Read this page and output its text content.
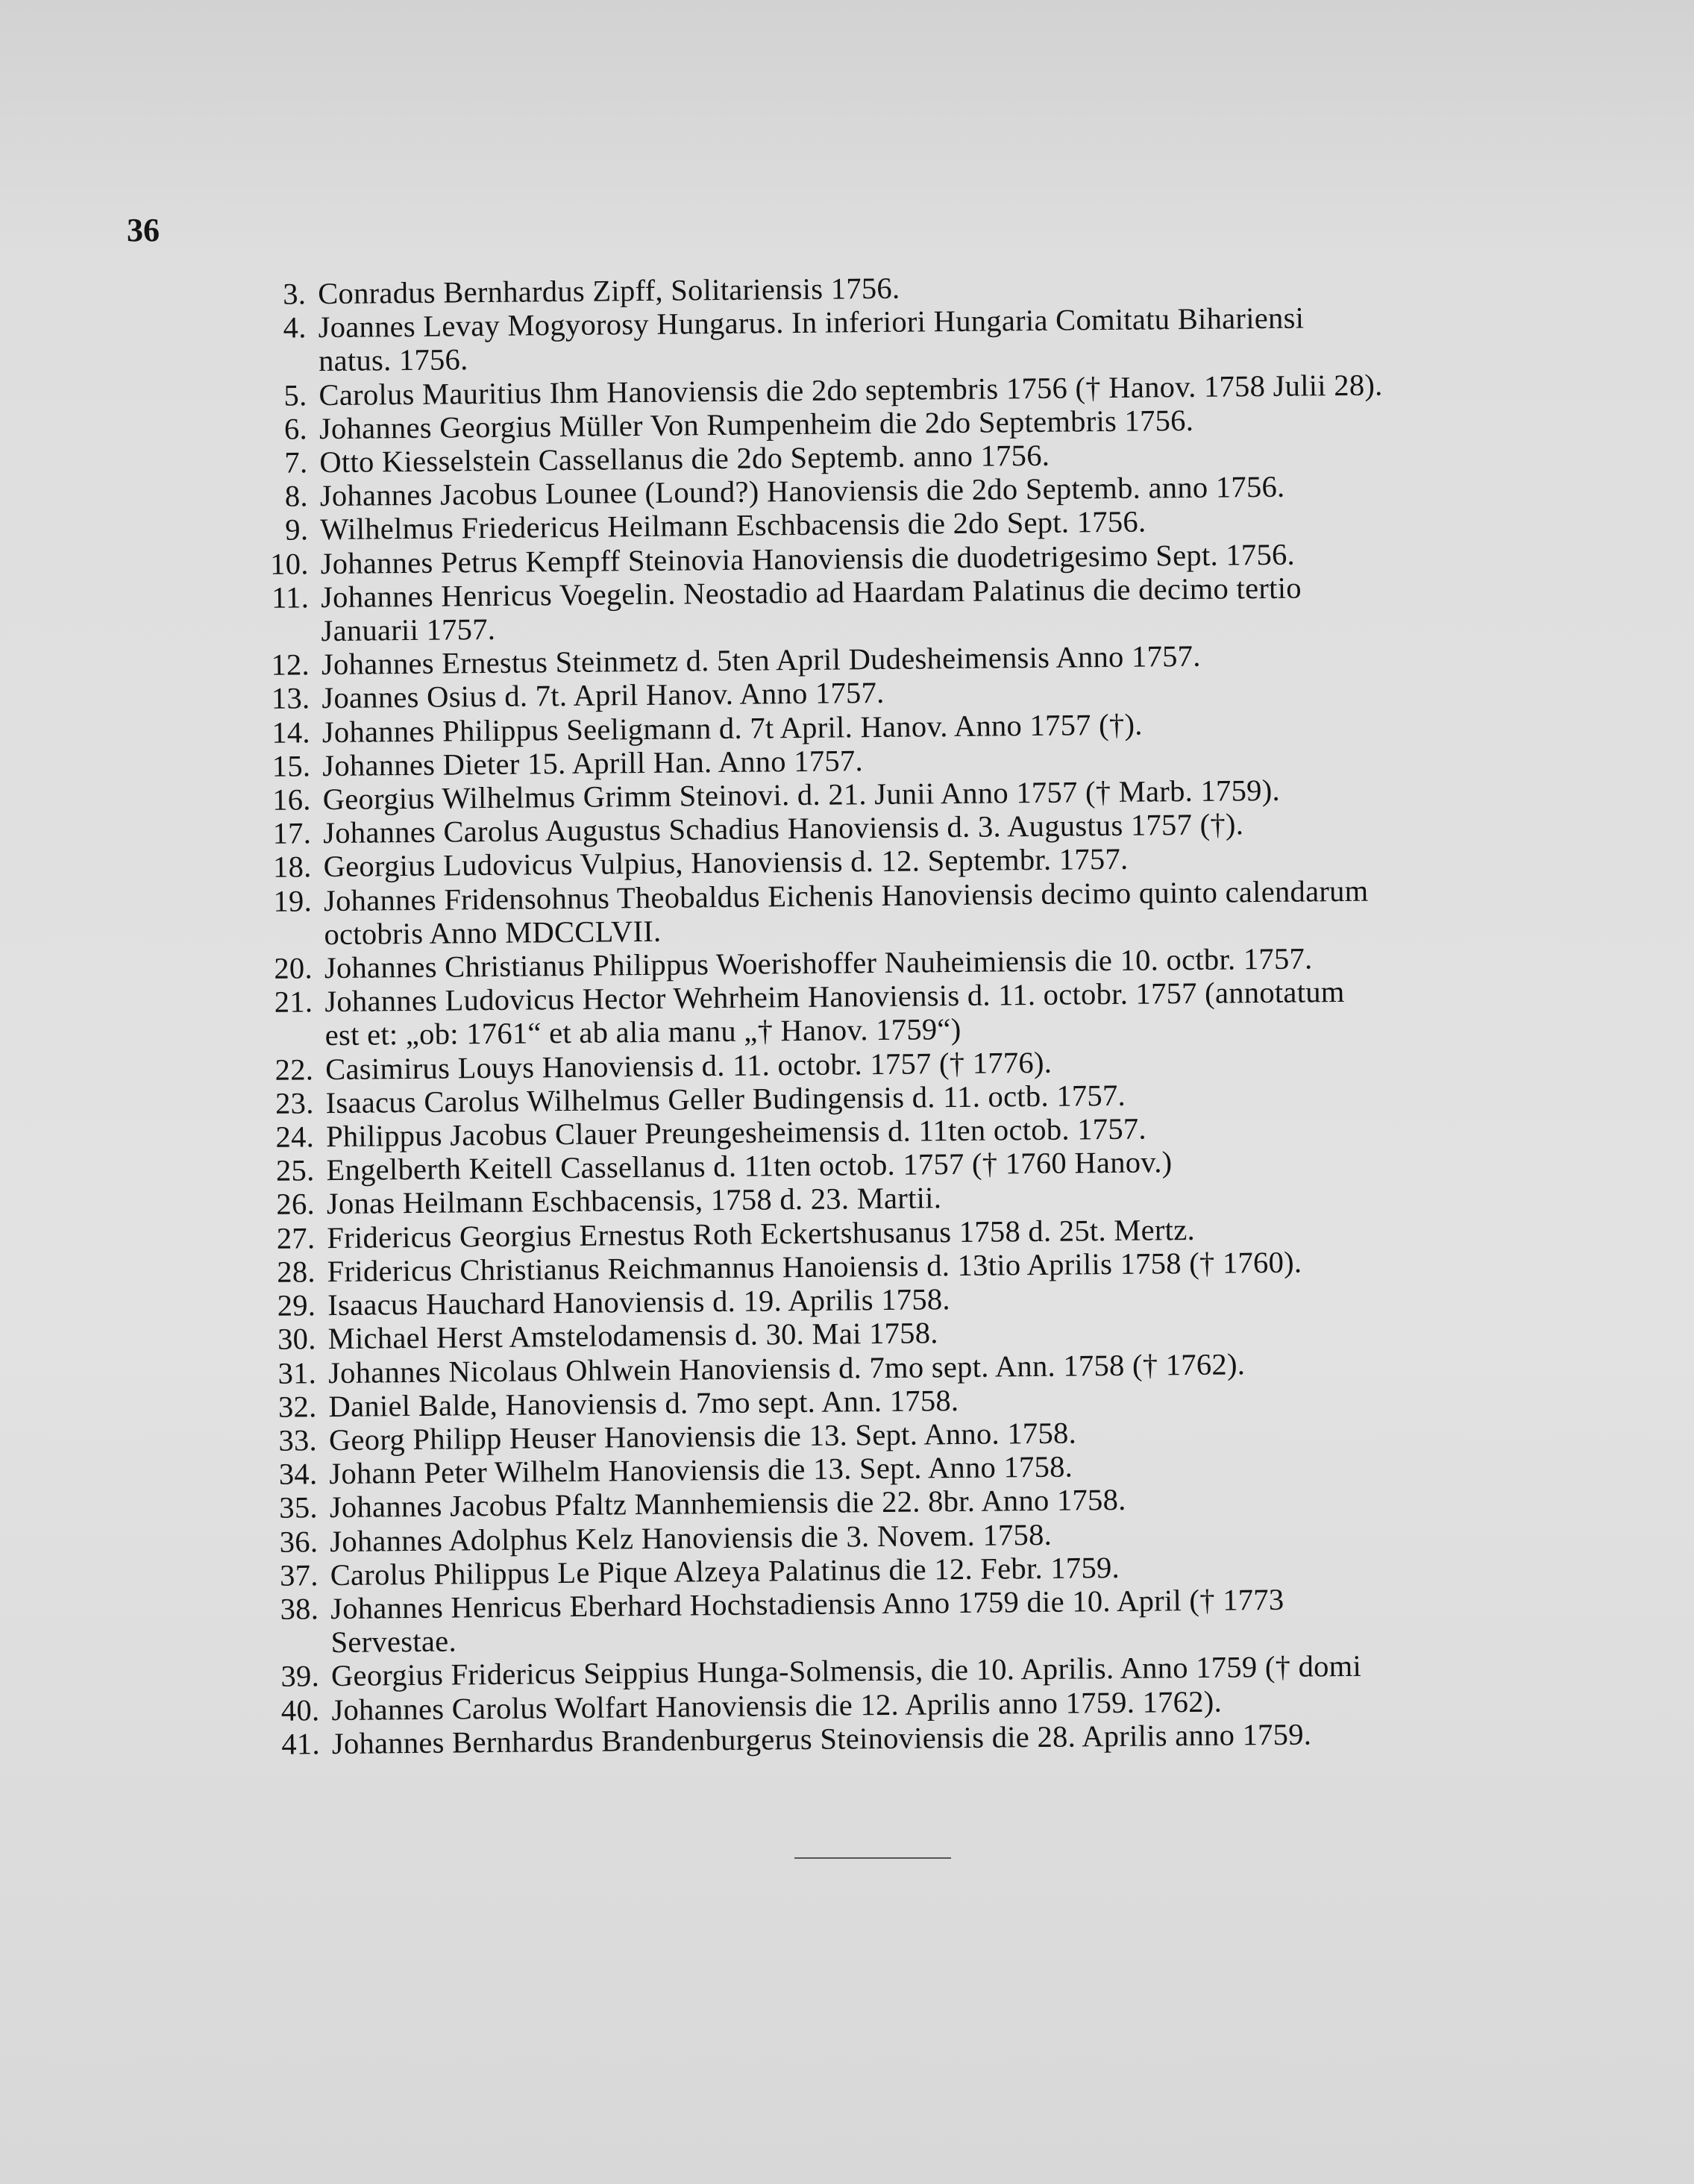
36
3. Conradus Bernhardus Zipff, Solitariensis 1756.
4. Joannes Levay Mogyorosy Hungarus. In inferiori Hungaria Comitatu Bihariensi
natus. 1756.
5. Carolus Mauritius Ihm Hanoviensis die 2do septembris 1756 († Hanov. 1758 Julii 28).
6. Johannes Georgius Müller Von Rumpenheim die 2do Septembris 1756.
7. Otto Kiesselstein Cassellanus die 2do Septemb. anno 1756.
8. Johannes Jacobus Lounee (Lound?) Hanoviensis die 2do Septemb. anno 1756.
9. Wilhelmus Friedericus Heilmann Eschbacensis die 2do Sept. 1756.
10. Johannes Petrus Kempff Steinovia Hanoviensis die duodetrigesimo Sept. 1756.
11. Johannes Henricus Voegelin. Neostadio ad Haardam Palatinus die decimo tertio
Januarii 1757.
12. Johannes Ernestus Steinmetz d. 5ten April Dudesheimensis Anno 1757.
13. Joannes Osius d. 7t. April Hanov. Anno 1757.
14. Johannes Philippus Seeligmann d. 7t April. Hanov. Anno 1757 (†).
15. Johannes Dieter 15. Aprill Han. Anno 1757.
16. Georgius Wilhelmus Grimm Steinovi. d. 21. Junii Anno 1757 († Marb. 1759).
17. Johannes Carolus Augustus Schadius Hanoviensis d. 3. Augustus 1757 (†).
18. Georgius Ludovicus Vulpius, Hanoviensis d. 12. Septembr. 1757.
19. Johannes Fridensohnus Theobaldus Eichenis Hanoviensis decimo quinto calendarum
octobris Anno MDCCLVII.
20. Johannes Christianus Philippus Woerishoffer Nauheimiensis die 10. octbr. 1757.
21. Johannes Ludovicus Hector Wehrheim Hanoviensis d. 11. octobr. 1757 (annotatum
est et: „ob: 1761“ et ab alia manu „† Hanov. 1759“)
22. Casimirus Louys Hanoviensis d. 11. octobr. 1757 († 1776).
23. Isaacus Carolus Wilhelmus Geller Budingensis d. 11. octb. 1757.
24. Philippus Jacobus Clauer Preungesheimensis d. 11ten octob. 1757.
25. Engelberth Keitell Cassellanus d. 11ten octob. 1757 († 1760 Hanov.)
26. Jonas Heilmann Eschbacensis, 1758 d. 23. Martii.
27. Fridericus Georgius Ernestus Roth Eckertshusanus 1758 d. 25t. Mertz.
28. Fridericus Christianus Reichmannus Hanoiensis d. 13tio Aprilis 1758 († 1760).
29. Isaacus Hauchard Hanoviensis d. 19. Aprilis 1758.
30. Michael Herst Amstelodamensis d. 30. Mai 1758.
31. Johannes Nicolaus Ohlwein Hanoviensis d. 7mo sept. Ann. 1758 († 1762).
32. Daniel Balde, Hanoviensis d. 7mo sept. Ann. 1758.
33. Georg Philipp Heuser Hanoviensis die 13. Sept. Anno. 1758.
34. Johann Peter Wilhelm Hanoviensis die 13. Sept. Anno 1758.
35. Johannes Jacobus Pfaltz Mannhemiensis die 22. 8br. Anno 1758.
36. Johannes Adolphus Kelz Hanoviensis die 3. Novem. 1758.
37. Carolus Philippus Le Pique Alzeya Palatinus die 12. Febr. 1759.
38. Johannes Henricus Eberhard Hochstadiensis Anno 1759 die 10. April († 1773
Servestae.
39. Georgius Fridericus Seippius Hunga-Solmensis, die 10. Aprilis. Anno 1759 († domi
40. Johannes Carolus Wolfart Hanoviensis die 12. Aprilis anno 1759. 1762).
41. Johannes Bernhardus Brandenburgerus Steinoviensis die 28. Aprilis anno 1759.
